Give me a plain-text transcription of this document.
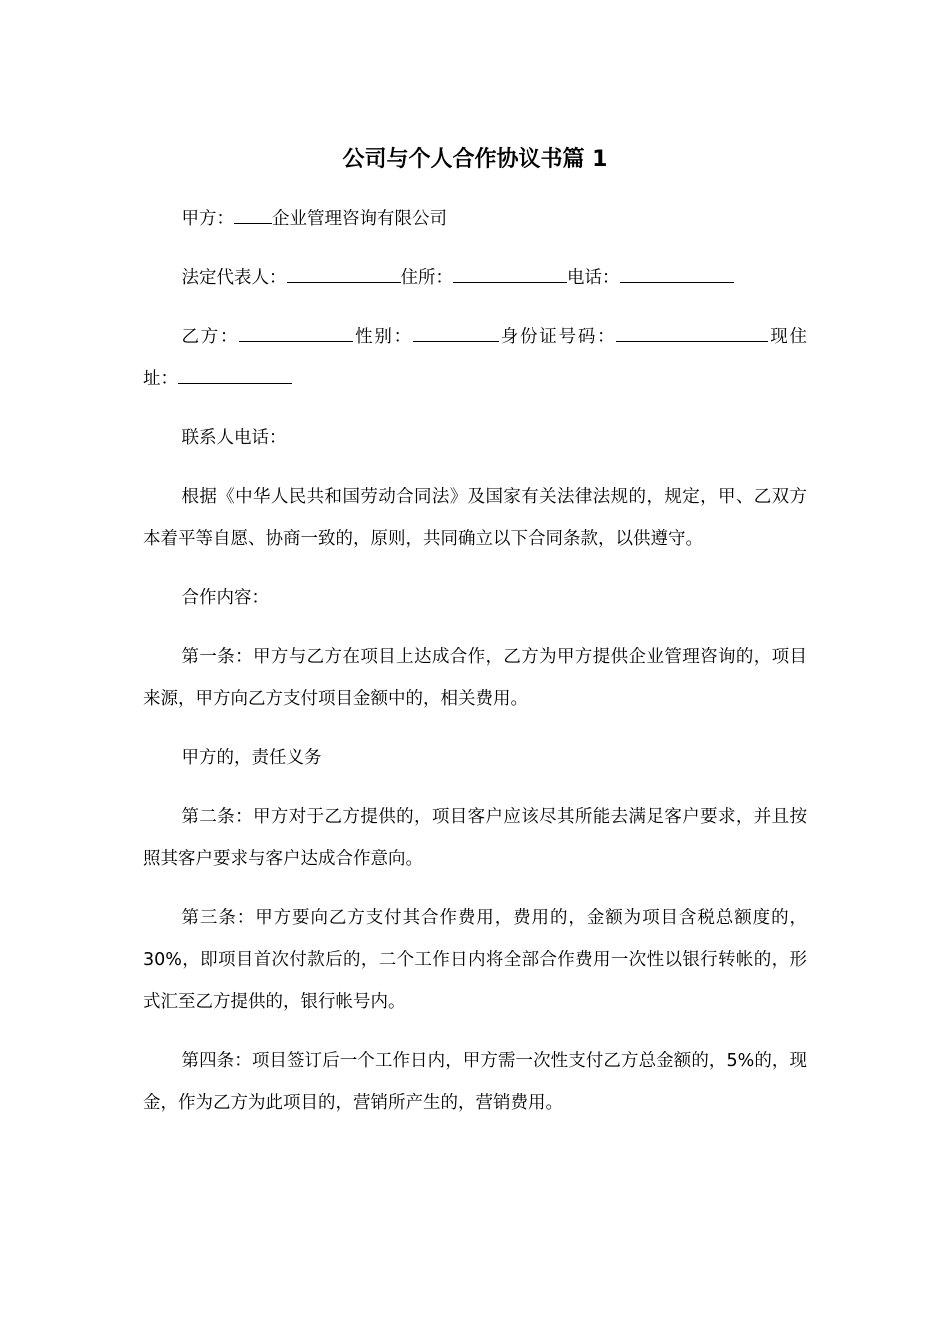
公司与个人合作协议书篇 1

甲方： 企业管理咨询有限公司

法定代表人：	住所：	电话：

乙方：	性别：	身份证号码：	现住址：

联系人电话：

根据《中华人民共和国劳动合同法》及国家有关法律法规的，规定，甲、乙双方本着平等自愿、协商一致的，原则，共同确立以下合同条款，以供遵守。

合作内容：

第一条：甲方与乙方在项目上达成合作，乙方为甲方提供企业管理咨询的，项目来源，甲方向乙方支付项目金额中的，相关费用。

甲方的，责任义务

第二条：甲方对于乙方提供的，项目客户应该尽其所能去满足客户要求，并且按照其客户要求与客户达成合作意向。

第三条：甲方要向乙方支付其合作费用，费用的，金额为项目含税总额度的，30%，即项目首次付款后的，二个工作日内将全部合作费用一次性以银行转帐的，形式汇至乙方提供的，银行帐号内。

第四条：项目签订后一个工作日内，甲方需一次性支付乙方总金额的，5%的，现金，作为乙方为此项目的，营销所产生的，营销费用。
